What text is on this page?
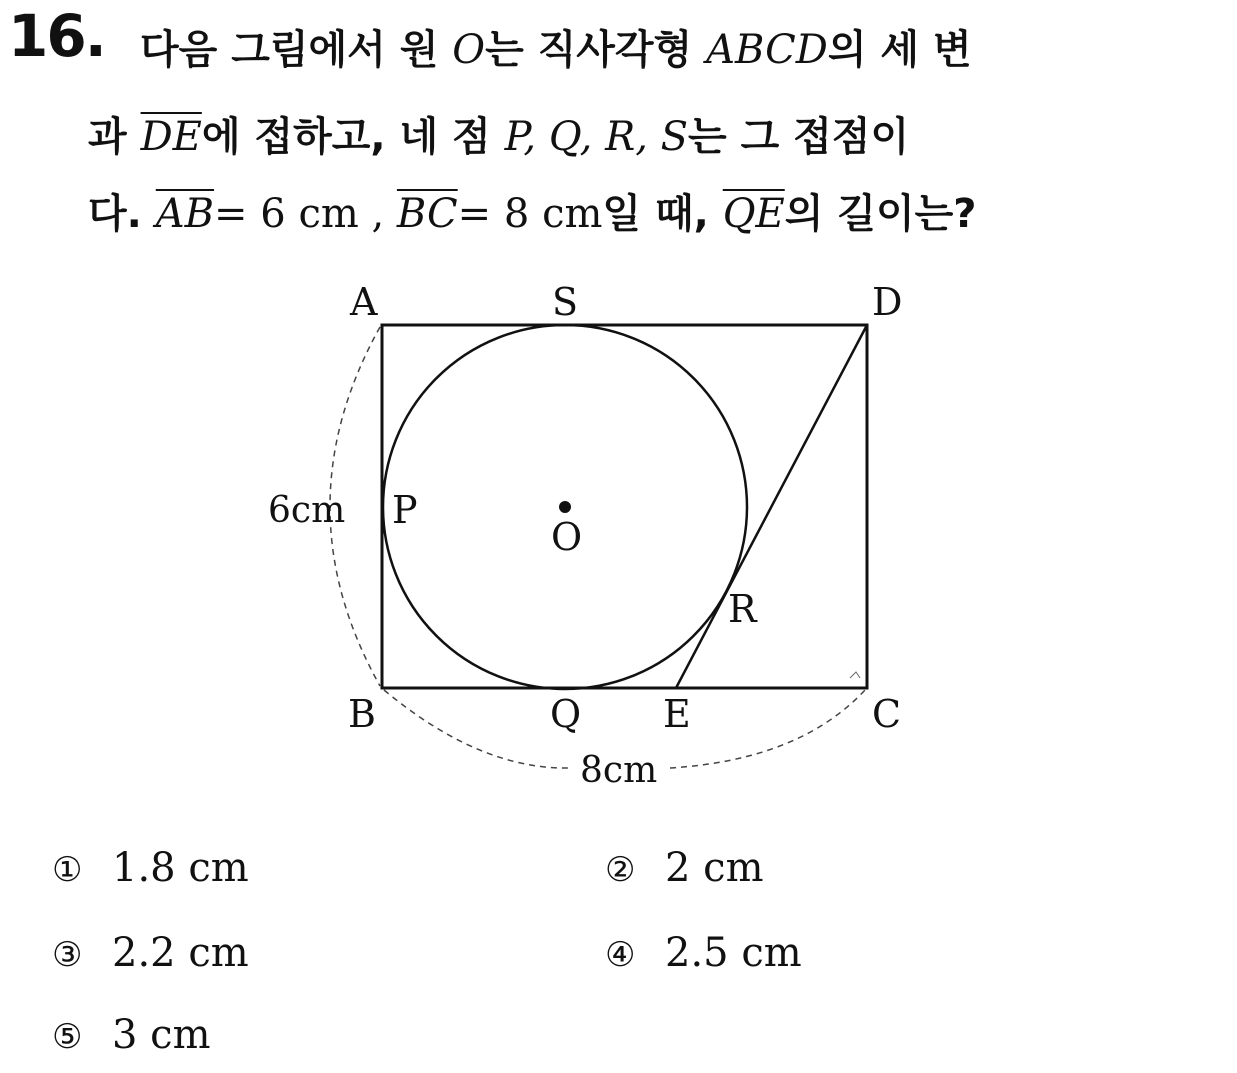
16. 다음 그림에서 원 O는 직사각형 ABCD의 세 변
과 $\overline{DE}$에 접하고, 네 점 P, Q, R, S는 그 접점이
다. $\overline{AB}= 6$ cm , $\overline{BC}= 8$ cm일 때, $\overline{QE}$의 길이는?
A	S	D
P
O
R
B	Q E	C
6cm
8cm
① 1.8 cm	② 2 cm
③ 2.2 cm	④ 2.5 cm
⑤ 3 cm
